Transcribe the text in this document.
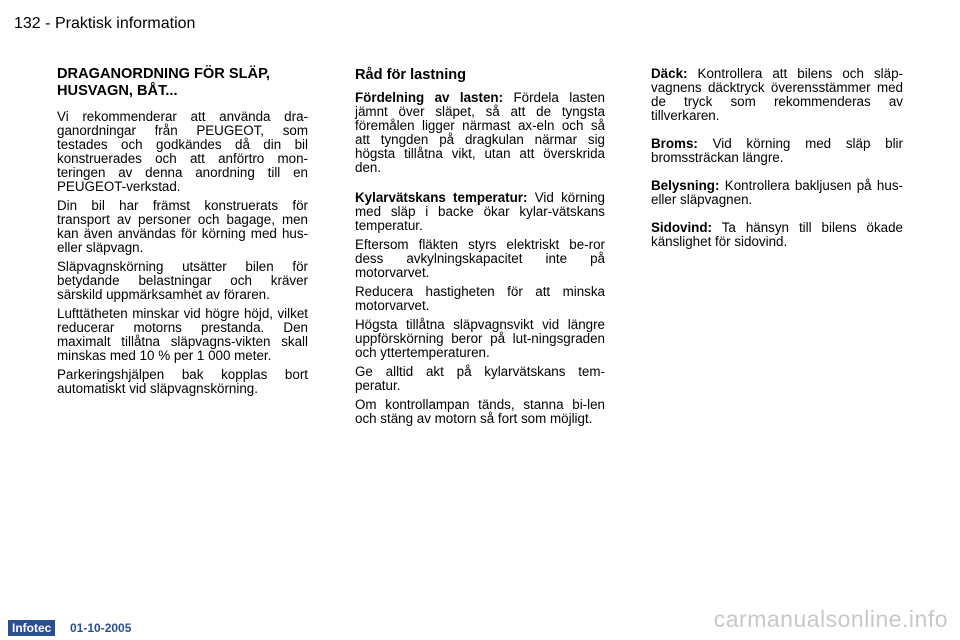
132 - Praktisk information
DRAGANORDNING FÖR SLÄP, HUSVAGN, BÅT...

Vi rekommenderar att använda dra-ganordningar från PEUGEOT, som testades och godkändes då din bil konstruerades och att anförtro mon-teringen av denna anordning till en PEUGEOT-verkstad.

Din bil har främst konstruerats för transport av personer och bagage, men kan även användas för körning med hus- eller släpvagn.

Släpvagnskörning utsätter bilen för betydande belastningar och kräver särskild uppmärksamhet av föraren.

Lufttätheten minskar vid högre höjd, vilket reducerar motorns prestanda. Den maximalt tillåtna släpvagns-vikten skall minskas med 10 % per 1 000 meter.

Parkeringshjälpen bak kopplas bort automatiskt vid släpvagnskörning.

Råd för lastning

Fördelning av lasten: Fördela lasten jämnt över släpet, så att de tyngsta föremålen ligger närmast ax-eln och så att tyngden på dragkulan närmar sig högsta tillåtna vikt, utan att överskrida den.

Kylarvätskans temperatur: Vid körning med släp i backe ökar kylar-vätskans temperatur.

Eftersom fläkten styrs elektriskt be-ror dess avkylningskapacitet inte på motorvarvet.

Reducera hastigheten för att minska motorvarvet.

Högsta tillåtna släpvagnsvikt vid längre uppförskörning beror på lut-ningsgraden och yttertemperaturen.

Ge alltid akt på kylarvätskans tem-peratur.

Om kontrollampan tänds, stanna bi-len och stäng av motorn så fort som möjligt.

Däck: Kontrollera att bilens och släp-vagnens däcktryck överensstämmer med de tryck som rekommenderas av tillverkaren.

Broms: Vid körning med släp blir bromssträckan längre.

Belysning: Kontrollera bakljusen på hus- eller släpvagnen.

Sidovind: Ta hänsyn till bilens ökade känslighet för sidovind.

Infotec	01-10-2005	carmanualsonline.info
